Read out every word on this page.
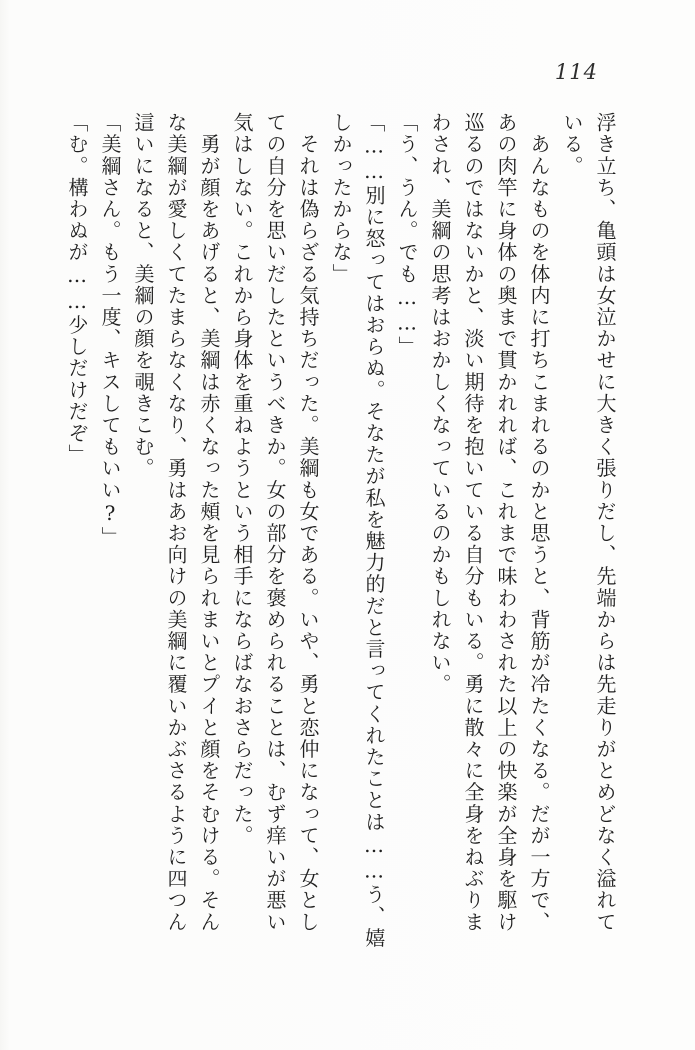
114
浮き立ち、亀頭は女泣かせに大きく張りだし、先端からは先走りがとめどなく溢れて
いる。
　あんなものを体内に打ちこまれるのかと思うと、背筋が冷たくなる。だが一方で、
あの肉竿に身体の奥まで貫かれれば、これまで味わわされた以上の快楽が全身を駆け
巡るのではないかと、淡い期待を抱いている自分もいる。勇に散々に全身をねぶりま
わされ、美綱の思考はおかしくなっているのかもしれない。
「う、うん。でも……」
「……別に怒ってはおらぬ。そなたが私を魅力的だと言ってくれたことは……う、嬉
しかったからな」
　それは偽らざる気持ちだった。美綱も女である。いや、勇と恋仲になって、女とし
ての自分を思いだしたというべきか。女の部分を褒められることは、むず痒いが悪い
気はしない。これから身体を重ねようという相手にならばなおさらだった。
　勇が顔をあげると、美綱は赤くなった頰を見られまいとプイと顔をそむける。そん
な美綱が愛しくてたまらなくなり、勇はあお向けの美綱に覆いかぶさるように四つん
這いになると、美綱の顔を覗きこむ。
「美綱さん。もう一度、キスしてもいい?」
「む。構わぬが……少しだけだぞ」
